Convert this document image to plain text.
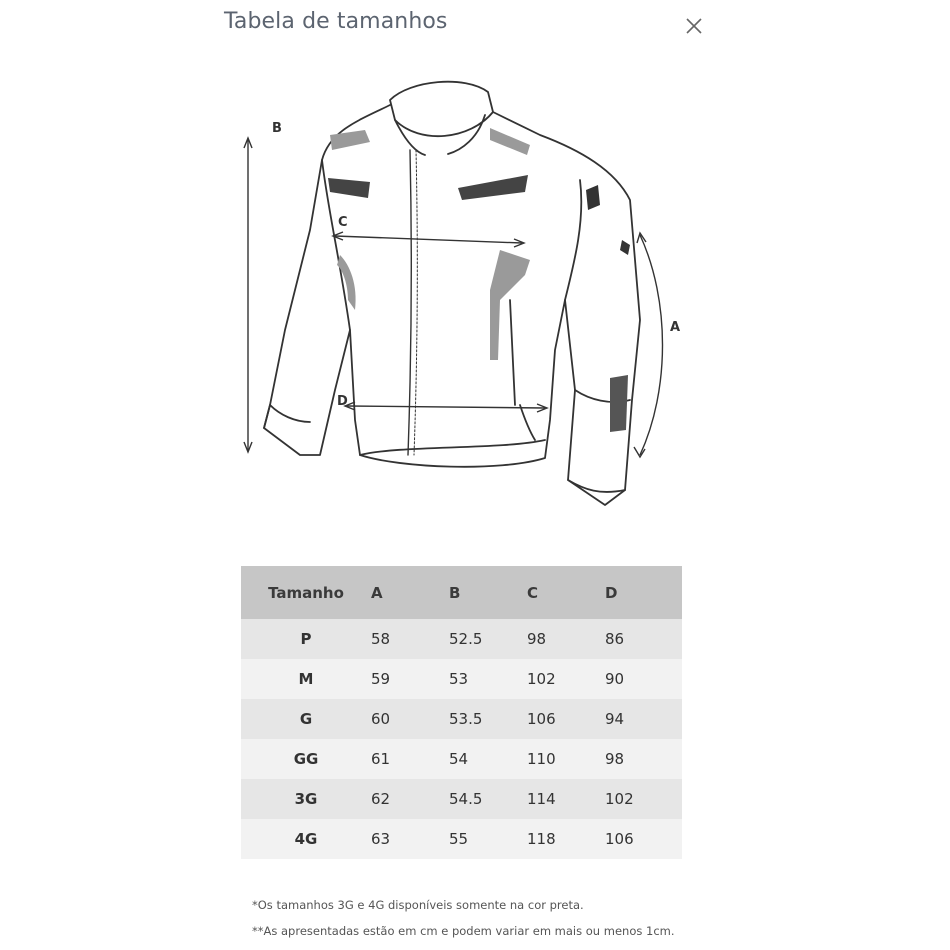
Tabela de tamanhos
B
C
D
A
Tamanho	A	B	C	D
P	58	52.5	98	86
M	59	53	102	90
G	60	53.5	106	94
GG	61	54	110	98
3G	62	54.5	114	102
4G	63	55	118	106
*Os tamanhos 3G e 4G disponíveis somente na cor preta.
**As apresentadas estão em cm e podem variar em mais ou menos 1cm.
